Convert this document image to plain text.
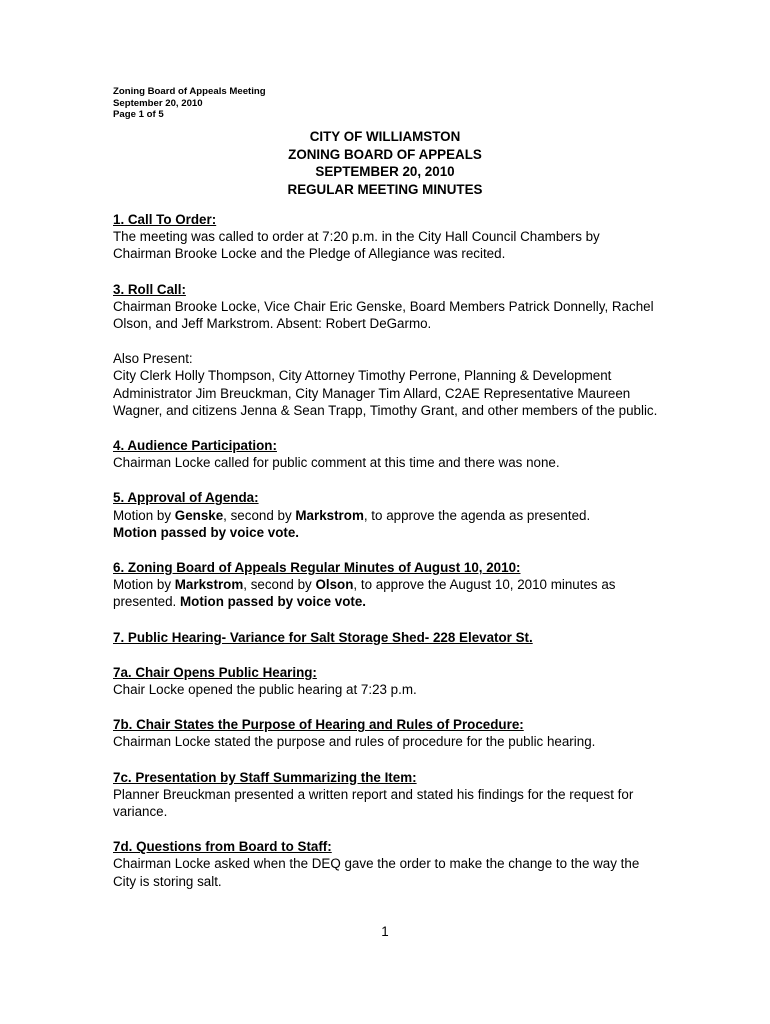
Zoning Board of Appeals Meeting
September 20, 2010
Page 1 of 5
CITY OF WILLIAMSTON
ZONING BOARD OF APPEALS
SEPTEMBER 20, 2010
REGULAR MEETING MINUTES
1. Call To Order:
The meeting was called to order at 7:20 p.m. in the City Hall Council Chambers by Chairman Brooke Locke and the Pledge of Allegiance was recited.
3. Roll Call:
Chairman Brooke Locke, Vice Chair Eric Genske, Board Members Patrick Donnelly, Rachel Olson, and Jeff Markstrom. Absent: Robert DeGarmo.
Also Present:
City Clerk Holly Thompson, City Attorney Timothy Perrone, Planning & Development Administrator Jim Breuckman, City Manager Tim Allard, C2AE Representative Maureen Wagner, and citizens Jenna & Sean Trapp, Timothy Grant, and other members of the public.
4. Audience Participation:
Chairman Locke called for public comment at this time and there was none.
5. Approval of Agenda:
Motion by Genske, second by Markstrom, to approve the agenda as presented.
Motion passed by voice vote.
6. Zoning Board of Appeals Regular Minutes of August 10, 2010:
Motion by Markstrom, second by Olson, to approve the August 10, 2010 minutes as presented. Motion passed by voice vote.
7. Public Hearing- Variance for Salt Storage Shed- 228 Elevator St.
7a. Chair Opens Public Hearing:
Chair Locke opened the public hearing at 7:23 p.m.
7b. Chair States the Purpose of Hearing and Rules of Procedure:
Chairman Locke stated the purpose and rules of procedure for the public hearing.
7c. Presentation by Staff Summarizing the Item:
Planner Breuckman presented a written report and stated his findings for the request for variance.
7d. Questions from Board to Staff:
Chairman Locke asked when the DEQ gave the order to make the change to the way the City is storing salt.
1
